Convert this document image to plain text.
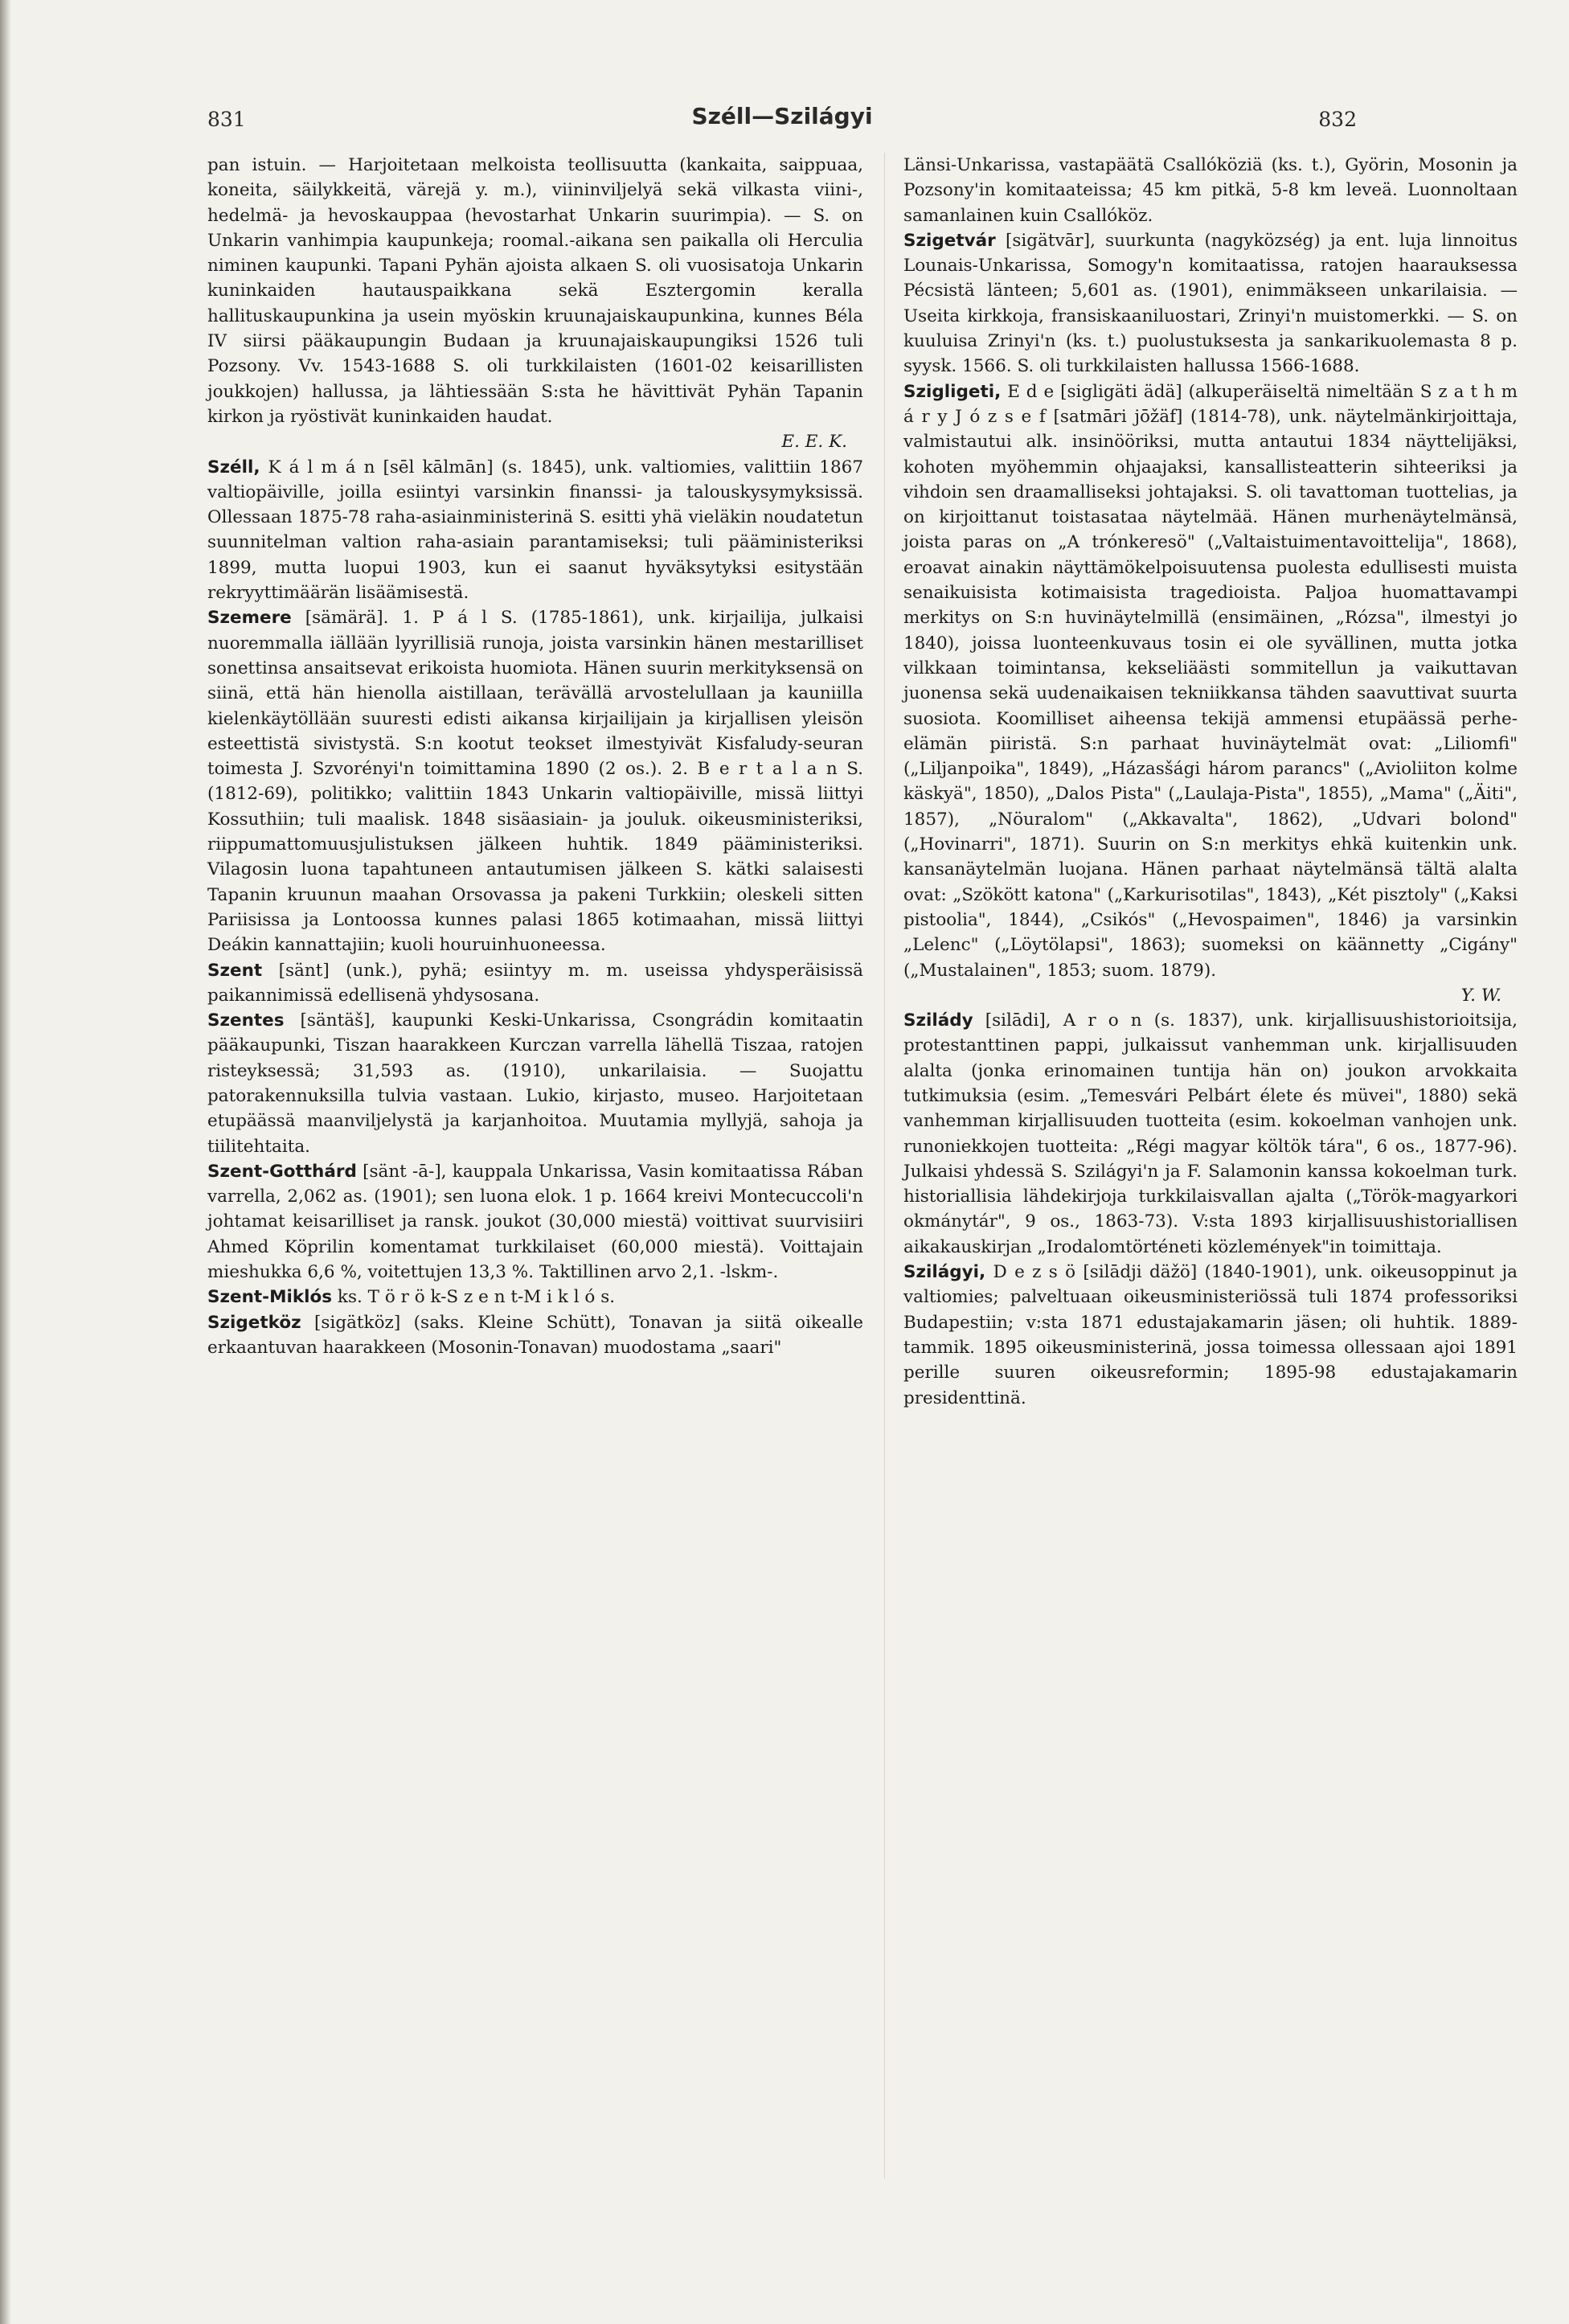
831	Széll—Szilágyi	832

pan istuin. — Harjoitetaan melkoista teollisuutta (kankaita, saippuaa, koneita, säilykkeitä, värejä y. m.), viininviljelyä sekä vilkasta viini-, hedelmä- ja hevoskauppaa (hevostarhat Unkarin suurimpia). — S. on Unkarin vanhimpia kaupunkeja; roomal.-aikana sen paikalla oli Herculia niminen kaupunki. Tapani Pyhän ajoista alkaen S. oli vuosisatoja Unkarin kuninkaiden hautauspaikkana sekä Esztergomin keralla hallituskaupunkina ja usein myöskin kruunajaiskaupunkina, kunnes Béla IV siirsi pääkaupungin Budaan ja kruunajaiskaupungiksi 1526 tuli Pozsony. Vv. 1543-1688 S. oli turkkilaisten (1601-02 keisarillisten joukkojen) hallussa, ja lähtiessään S:sta he hävittivät Pyhän Tapanin kirkon ja ryöstivät kuninkaiden haudat.

E. E. K.

Széll, K á l m á n [sēl kālmān] (s. 1845), unk. valtiomies, valittiin 1867 valtiopäiville, joilla esiintyi varsinkin finanssi- ja talouskysymyksissä. Ollessaan 1875-78 raha-asiainministerinä S. esitti yhä vieläkin noudatetun suunnitelman valtion raha-asiain parantamiseksi; tuli pääministeriksi 1899, mutta luopui 1903, kun ei saanut hyväksytyksi esitystään rekryyttimäärän lisäämisestä.

Szemere [sämärä]. 1. P á l S. (1785-1861), unk. kirjailija, julkaisi nuoremmalla iällään lyyrillisiä runoja, joista varsinkin hänen mestarilliset sonettinsa ansaitsevat erikoista huomiota. Hänen suurin merkityksensä on siinä, että hän hienolla aistillaan, terävällä arvostelullaan ja kauniilla kielenkäytöllään suuresti edisti aikansa kirjailijain ja kirjallisen yleisön esteettistä sivistystä. S:n kootut teokset ilmestyivät Kisfaludy-seuran toimesta J. Szvorényi'n toimittamina 1890 (2 os.). 2. B e r t a l a n S. (1812-69), politikko; valittiin 1843 Unkarin valtiopäiville, missä liittyi Kossuthiin; tuli maalisk. 1848 sisäasiain- ja jouluk. oikeusministeriksi, riippumattomuusjulistuksen jälkeen huhtik. 1849 pääministeriksi. Vilagosin luona tapahtuneen antautumisen jälkeen S. kätki salaisesti Tapanin kruunun maahan Orsovassa ja pakeni Turkkiin; oleskeli sitten Pariisissa ja Lontoossa kunnes palasi 1865 kotimaahan, missä liittyi Deákin kannattajiin; kuoli houruinhuoneessa.

Szent [sänt] (unk.), pyhä; esiintyy m. m. useissa yhdysperäisissä paikannimissä edellisenä yhdysosana.

Szentes [säntäš], kaupunki Keski-Unkarissa, Csongrádin komitaatin pääkaupunki, Tiszan haarakkeen Kurczan varrella lähellä Tiszaa, ratojen risteyksessä; 31,593 as. (1910), unkarilaisia. — Suojattu patorakennuksilla tulvia vastaan. Lukio, kirjasto, museo. Harjoitetaan etupäässä maanviljelystä ja karjanhoitoa. Muutamia myllyjä, sahoja ja tiilitehtaita.

Szent-Gotthárd [sänt -ā-], kauppala Unkarissa, Vasin komitaatissa Rában varrella, 2,062 as. (1901); sen luona elok. 1 p. 1664 kreivi Montecuccoli'n johtamat keisarilliset ja ransk. joukot (30,000 miestä) voittivat suurvisiiri Ahmed Köprilin komentamat turkkilaiset (60,000 miestä). Voittajain mieshukka 6,6 %, voitettujen 13,3 %. Taktillinen arvo 2,1. -lskm-.

Szent-Miklós ks. T ö r ö k-S z e n t-M i k l ó s.

Szigetköz [sigätköz] (saks. Kleine Schütt), Tonavan ja siitä oikealle erkaantuvan haarakkeen (Mosonin-Tonavan) muodostama „saari"

Länsi-Unkarissa, vastapäätä Csallóköziä (ks. t.), Györin, Mosonin ja Pozsony'in komitaateissa; 45 km pitkä, 5-8 km leveä. Luonnoltaan samanlainen kuin Csallóköz.

Szigetvár [sigätvār], suurkunta (nagyközség) ja ent. luja linnoitus Lounais-Unkarissa, Somogy'n komitaatissa, ratojen haarauksessa Pécsistä länteen; 5,601 as. (1901), enimmäkseen unkarilaisia. — Useita kirkkoja, fransiskaaniluostari, Zrinyi'n muistomerkki. — S. on kuuluisa Zrinyi'n (ks. t.) puolustuksesta ja sankarikuolemasta 8 p. syysk. 1566. S. oli turkkilaisten hallussa 1566-1688.

Szigligeti, E d e [sigligäti ädä] (alkuperäiseltä nimeltään S z a t h m á r y J ó z s e f [satmāri jōžäf] (1814-78), unk. näytelmänkirjoittaja, valmistautui alk. insinööriksi, mutta antautui 1834 näyttelijäksi, kohoten myöhemmin ohjaajaksi, kansallisteatterin sihteeriksi ja vihdoin sen draamalliseksi johtajaksi. S. oli tavattoman tuottelias, ja on kirjoittanut toistasataa näytelmää. Hänen murhenäytelmänsä, joista paras on „A trónkeresö" („Valtaistuimentavoittelija", 1868), eroavat ainakin näyttämökelpoisuutensa puolesta edullisesti muista senaikuisista kotimaisista tragedioista. Paljoa huomattavampi merkitys on S:n huvinäytelmillä (ensimäinen, „Rózsa", ilmestyi jo 1840), joissa luonteenkuvaus tosin ei ole syvällinen, mutta jotka vilkkaan toimintansa, kekseliäästi sommitellun ja vaikuttavan juonensa sekä uudenaikaisen tekniikkansa tähden saavuttivat suurta suosiota. Koomilliset aiheensa tekijä ammensi etupäässä perhe-elämän piiristä. S:n parhaat huvinäytelmät ovat: „Liliomfi" („Liljanpoika", 1849), „Házasšági három parancs" („Avioliiton kolme käskyä", 1850), „Dalos Pista" („Laulaja-Pista", 1855), „Mama" („Äiti", 1857), „Nöuralom" („Akkavalta", 1862), „Udvari bolond" („Hovinarri", 1871). Suurin on S:n merkitys ehkä kuitenkin unk. kansanäytelmän luojana. Hänen parhaat näytelmänsä tältä alalta ovat: „Szökött katona" („Karkurisotilas", 1843), „Két pisztoly" („Kaksi pistoolia", 1844), „Csikós" („Hevospaimen", 1846) ja varsinkin „Lelenc" („Löytölapsi", 1863); suomeksi on käännetty „Cigány" („Mustalainen", 1853; suom. 1879).

Y. W.

Szilády [silādi], A r o n (s. 1837), unk. kirjallisuushistorioitsija, protestanttinen pappi, julkaissut vanhemman unk. kirjallisuuden alalta (jonka erinomainen tuntija hän on) joukon arvokkaita tutkimuksia (esim. „Temesvári Pelbárt élete és müvei", 1880) sekä vanhemman kirjallisuuden tuotteita (esim. kokoelman vanhojen unk. runoniekkojen tuotteita: „Régi magyar költök tára", 6 os., 1877-96). Julkaisi yhdessä S. Szilágyi'n ja F. Salamonin kanssa kokoelman turk. historiallisia lähdekirjoja turkkilaisvallan ajalta („Török-magyarkori okmánytár", 9 os., 1863-73). V:sta 1893 kirjallisuushistoriallisen aikakauskirjan „Irodalomtörténeti közlemények"in toimittaja.

Szilágyi, D e z s ö [silādji däžö] (1840-1901), unk. oikeusoppinut ja valtiomies; palveltuaan oikeusministeriössä tuli 1874 professoriksi Budapestiin; v:sta 1871 edustajakamarin jäsen; oli huhtik. 1889-tammik. 1895 oikeusministerinä, jossa toimessa ollessaan ajoi 1891 perille suuren oikeusreformin; 1895-98 edustajakamarin presidenttinä.
